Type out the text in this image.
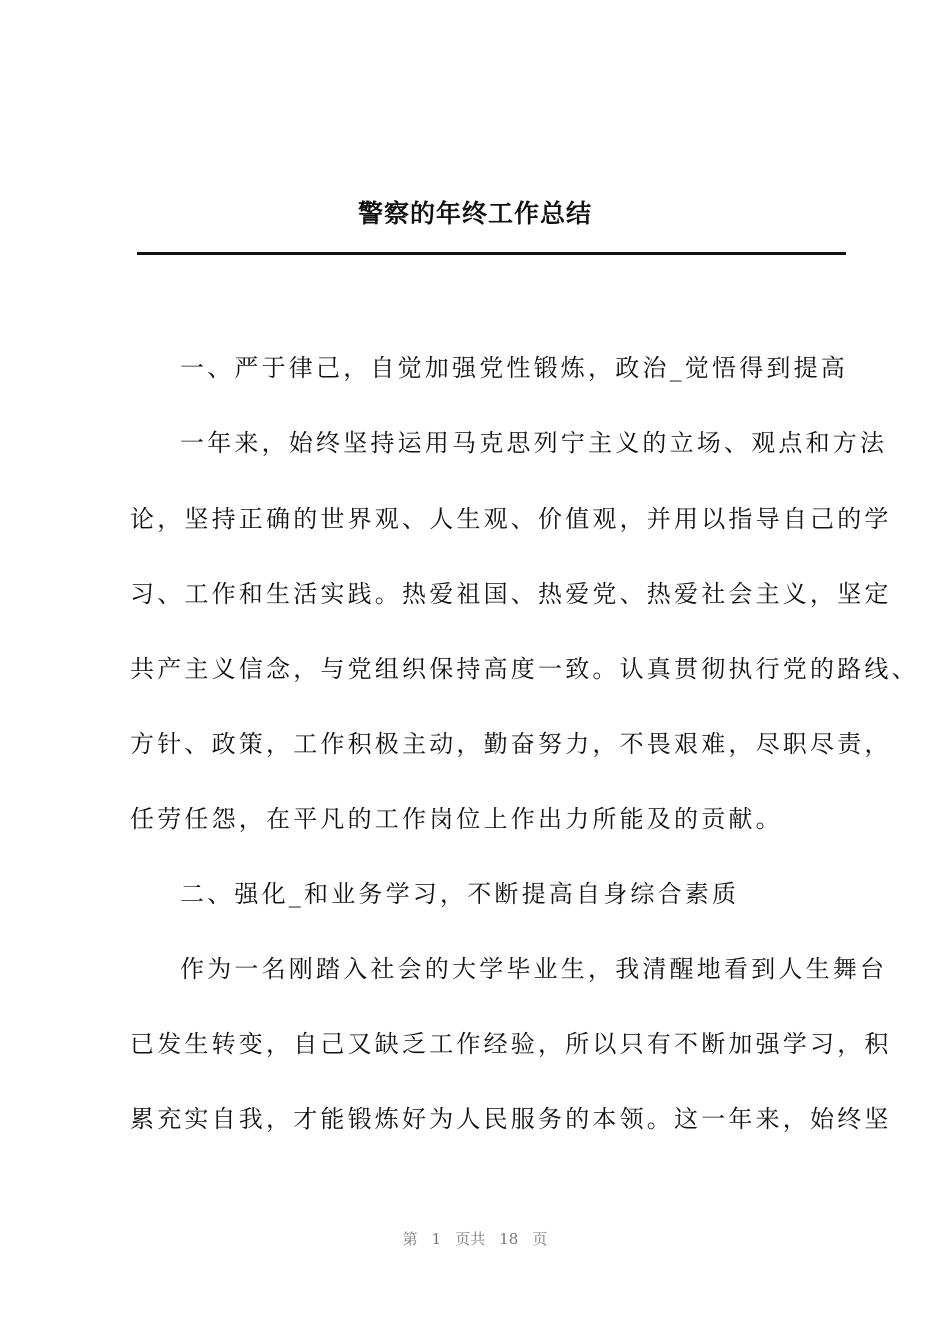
警察的年终工作总结
一、严于律己，自觉加强党性锻炼，政治_觉悟得到提高
一年来，始终坚持运用马克思列宁主义的立场、观点和方法
论，坚持正确的世界观、人生观、价值观，并用以指导自己的学
习、工作和生活实践。热爱祖国、热爱党、热爱社会主义，坚定
共产主义信念，与党组织保持高度一致。认真贯彻执行党的路线、
方针、政策，工作积极主动，勤奋努力，不畏艰难，尽职尽责，
任劳任怨，在平凡的工作岗位上作出力所能及的贡献。
二、强化_和业务学习，不断提高自身综合素质
作为一名刚踏入社会的大学毕业生，我清醒地看到人生舞台
已发生转变，自己又缺乏工作经验，所以只有不断加强学习，积
累充实自我，才能锻炼好为人民服务的本领。这一年来，始终坚
第 1 页共 18 页
